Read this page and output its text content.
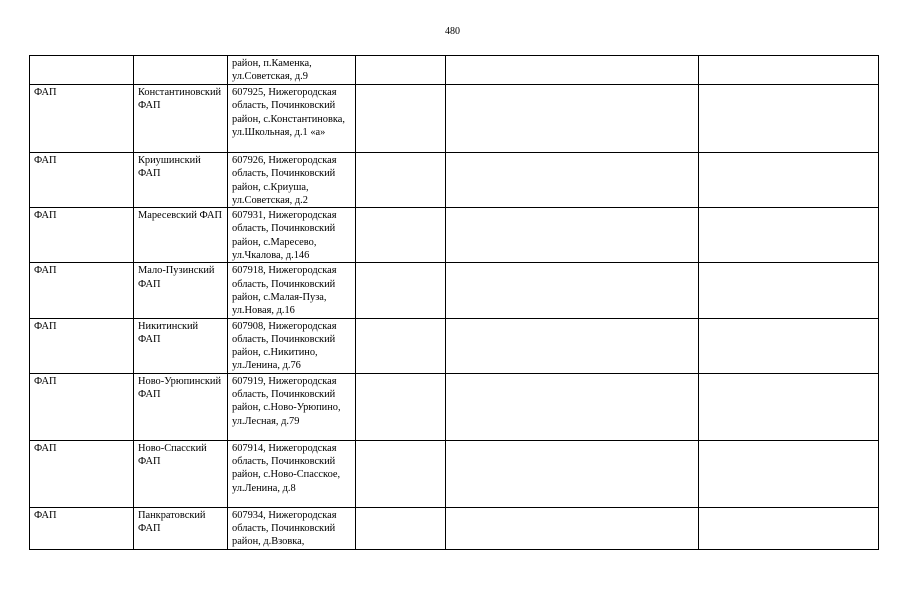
480
		район, п.Каменка, ул.Советская, д.9			
ФАП	Константиновский ФАП	607925, Нижегородская область, Починковский район, с.Константиновка, ул.Школьная, д.1 «а»			
ФАП	Криушинский ФАП	607926, Нижегородская область, Починковский район, с.Криуша, ул.Советская, д.2			
ФАП	Маресевский ФАП	607931, Нижегородская область, Починковский район, с.Маресево, ул.Чкалова, д.146			
ФАП	Мало-Пузинский ФАП	607918, Нижегородская область, Починковский район, с.Малая-Пуза, ул.Новая, д.16			
ФАП	Никитинский ФАП	607908, Нижегородская область, Починковский район, с.Никитино, ул.Ленина, д.76			
ФАП	Ново-Урюпинский ФАП	607919, Нижегородская область, Починковский район, с.Ново-Урюпино, ул.Лесная, д.79			
ФАП	Ново-Спасский ФАП	607914, Нижегородская область, Починковский район, с.Ново-Спасское, ул.Ленина, д.8			
ФАП	Панкратовский ФАП	607934, Нижегородская область, Починковский район, д.Взовка,			
